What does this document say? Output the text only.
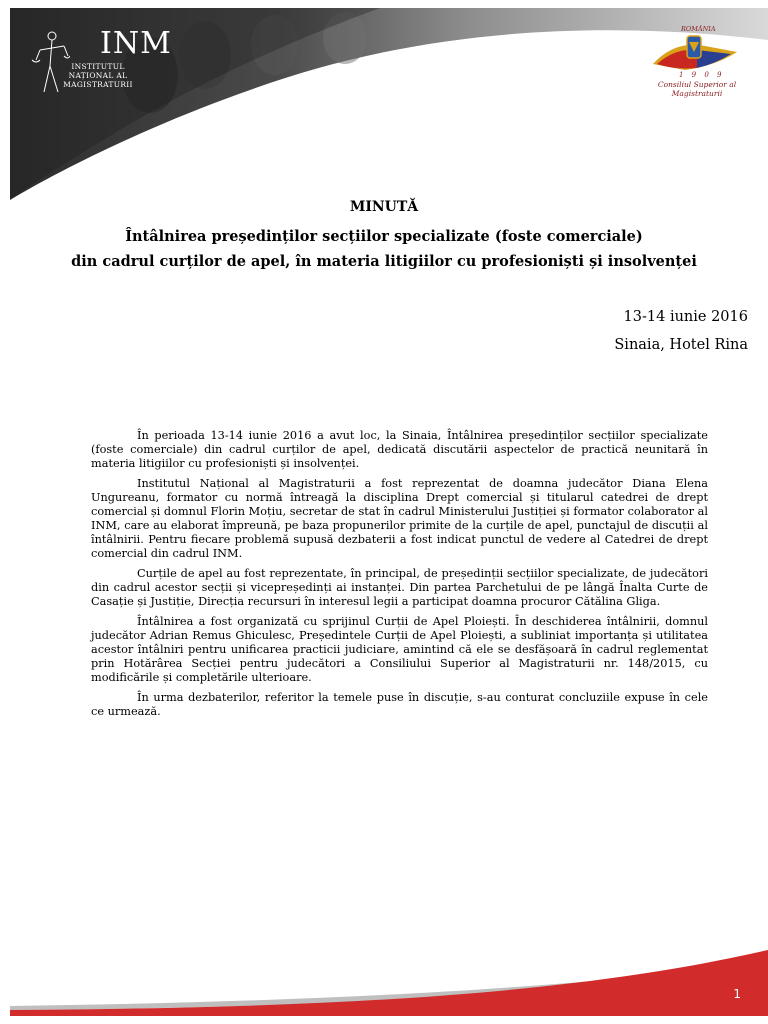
INM
INSTITUTUL NAȚIONAL AL MAGISTRATURII
ROMÂNIA
1 9 0 9
Consiliul Superior al Magistraturii
MINUTĂ
Întâlnirea președinților secțiilor specializate (foste comerciale)
din cadrul curților de apel, în materia litigiilor cu profesioniști și insolvenței
13-14 iunie 2016
Sinaia, Hotel Rina

În perioada 13-14 iunie 2016 a avut loc, la Sinaia, Întâlnirea președinților secțiilor specializate (foste comerciale) din cadrul curților de apel, dedicată discutării aspectelor de practică neunitară în materia litigiilor cu profesioniști și insolvenței.

Institutul Național al Magistraturii a fost reprezentat de doamna judecător Diana Elena Ungureanu, formator cu normă întreagă la disciplina Drept comercial și titularul catedrei de drept comercial și domnul Florin Moțiu, secretar de stat în cadrul Ministerului Justiției și formator colaborator al INM, care au elaborat împreună, pe baza propunerilor primite de la curțile de apel, punctajul de discuții al întâlnirii. Pentru fiecare problemă supusă dezbaterii a fost indicat punctul de vedere al Catedrei de drept comercial din cadrul INM.

Curțile de apel au fost reprezentate, în principal, de președinții secțiilor specializate, de judecători din cadrul acestor secții și vicepreședinți ai instanței. Din partea Parchetului de pe lângă Înalta Curte de Casație și Justiție, Direcția recursuri în interesul legii a participat doamna procuror Cătălina Gliga.

Întâlnirea a fost organizată cu sprijinul Curții de Apel Ploiești. În deschiderea întâlnirii, domnul judecător Adrian Remus Ghiculesc, Președintele Curții de Apel Ploiești, a subliniat importanța și utilitatea acestor întâlniri pentru unificarea practicii judiciare, amintind că ele se desfășoară în cadrul reglementat prin Hotărârea Secției pentru judecători a Consiliului Superior al Magistraturii nr. 148/2015, cu modificările și completările ulterioare.

În urma dezbaterilor, referitor la temele puse în discuție, s-au conturat concluziile expuse în cele ce urmează.

1
